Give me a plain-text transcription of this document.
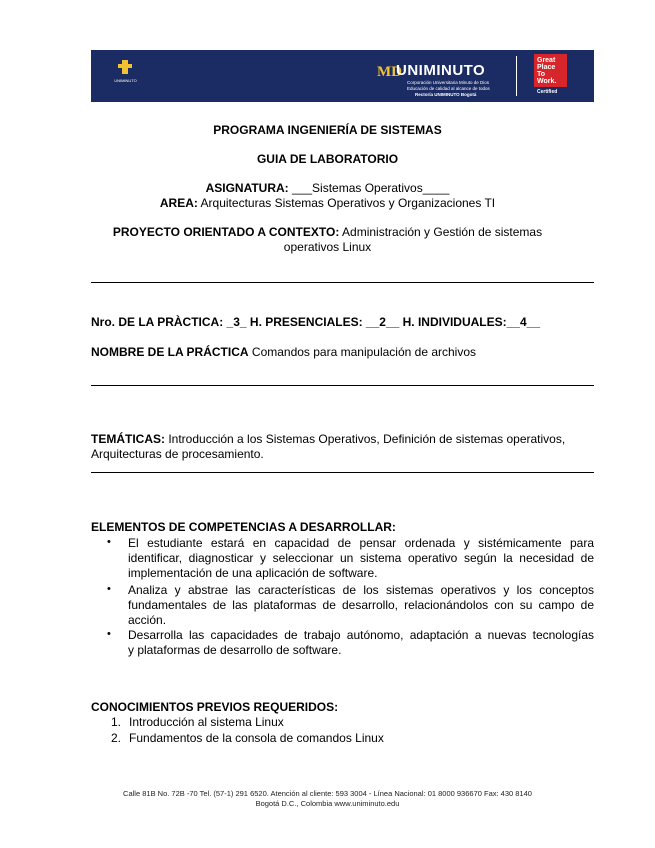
UNIMINUTO
MD
UNIMINUTO
Corporación Universitaria Minuto de Dios
Educación de calidad al alcance de todos
Rectoría UNIMINUTO Bogotá
Great
Place
To
Work.
Certified
PROGRAMA INGENIERÍA DE SISTEMAS
GUIA DE LABORATORIO
ASIGNATURA: ___Sistemas Operativos____
AREA: Arquitecturas Sistemas Operativos y Organizaciones TI
PROYECTO ORIENTADO A CONTEXTO: Administración y Gestión de sistemas
operativos Linux
Nro. DE LA PRÀCTICA: _3_ H. PRESENCIALES: __2__ H. INDIVIDUALES:__4__
NOMBRE DE LA PRÁCTICA Comandos para manipulación de archivos
TEMÁTICAS: Introducción a los Sistemas Operativos, Definición de sistemas operativos,
Arquitecturas de procesamiento.
ELEMENTOS DE COMPETENCIAS A DESARROLLAR:
•	El estudiante estará en capacidad de pensar ordenada y sistémicamente para
identificar, diagnosticar y seleccionar un sistema operativo según la necesidad de
implementación de una aplicación de software.
•	Analiza y abstrae las características de los sistemas operativos y los conceptos
fundamentales de las plataformas de desarrollo, relacionándolos con su campo de
acción.
•	Desarrolla las capacidades de trabajo autónomo, adaptación a nuevas tecnologías
y plataformas de desarrollo de software.
CONOCIMIENTOS PREVIOS REQUERIDOS:
1. Introducción al sistema Linux
2. Fundamentos de la consola de comandos Linux
Calle 81B No. 72B -70 Tel. (57-1) 291 6520. Atención al cliente: 593 3004 - Línea Nacional: 01 8000 936670 Fax: 430 8140
Bogotá D.C., Colombia www.uniminuto.edu
